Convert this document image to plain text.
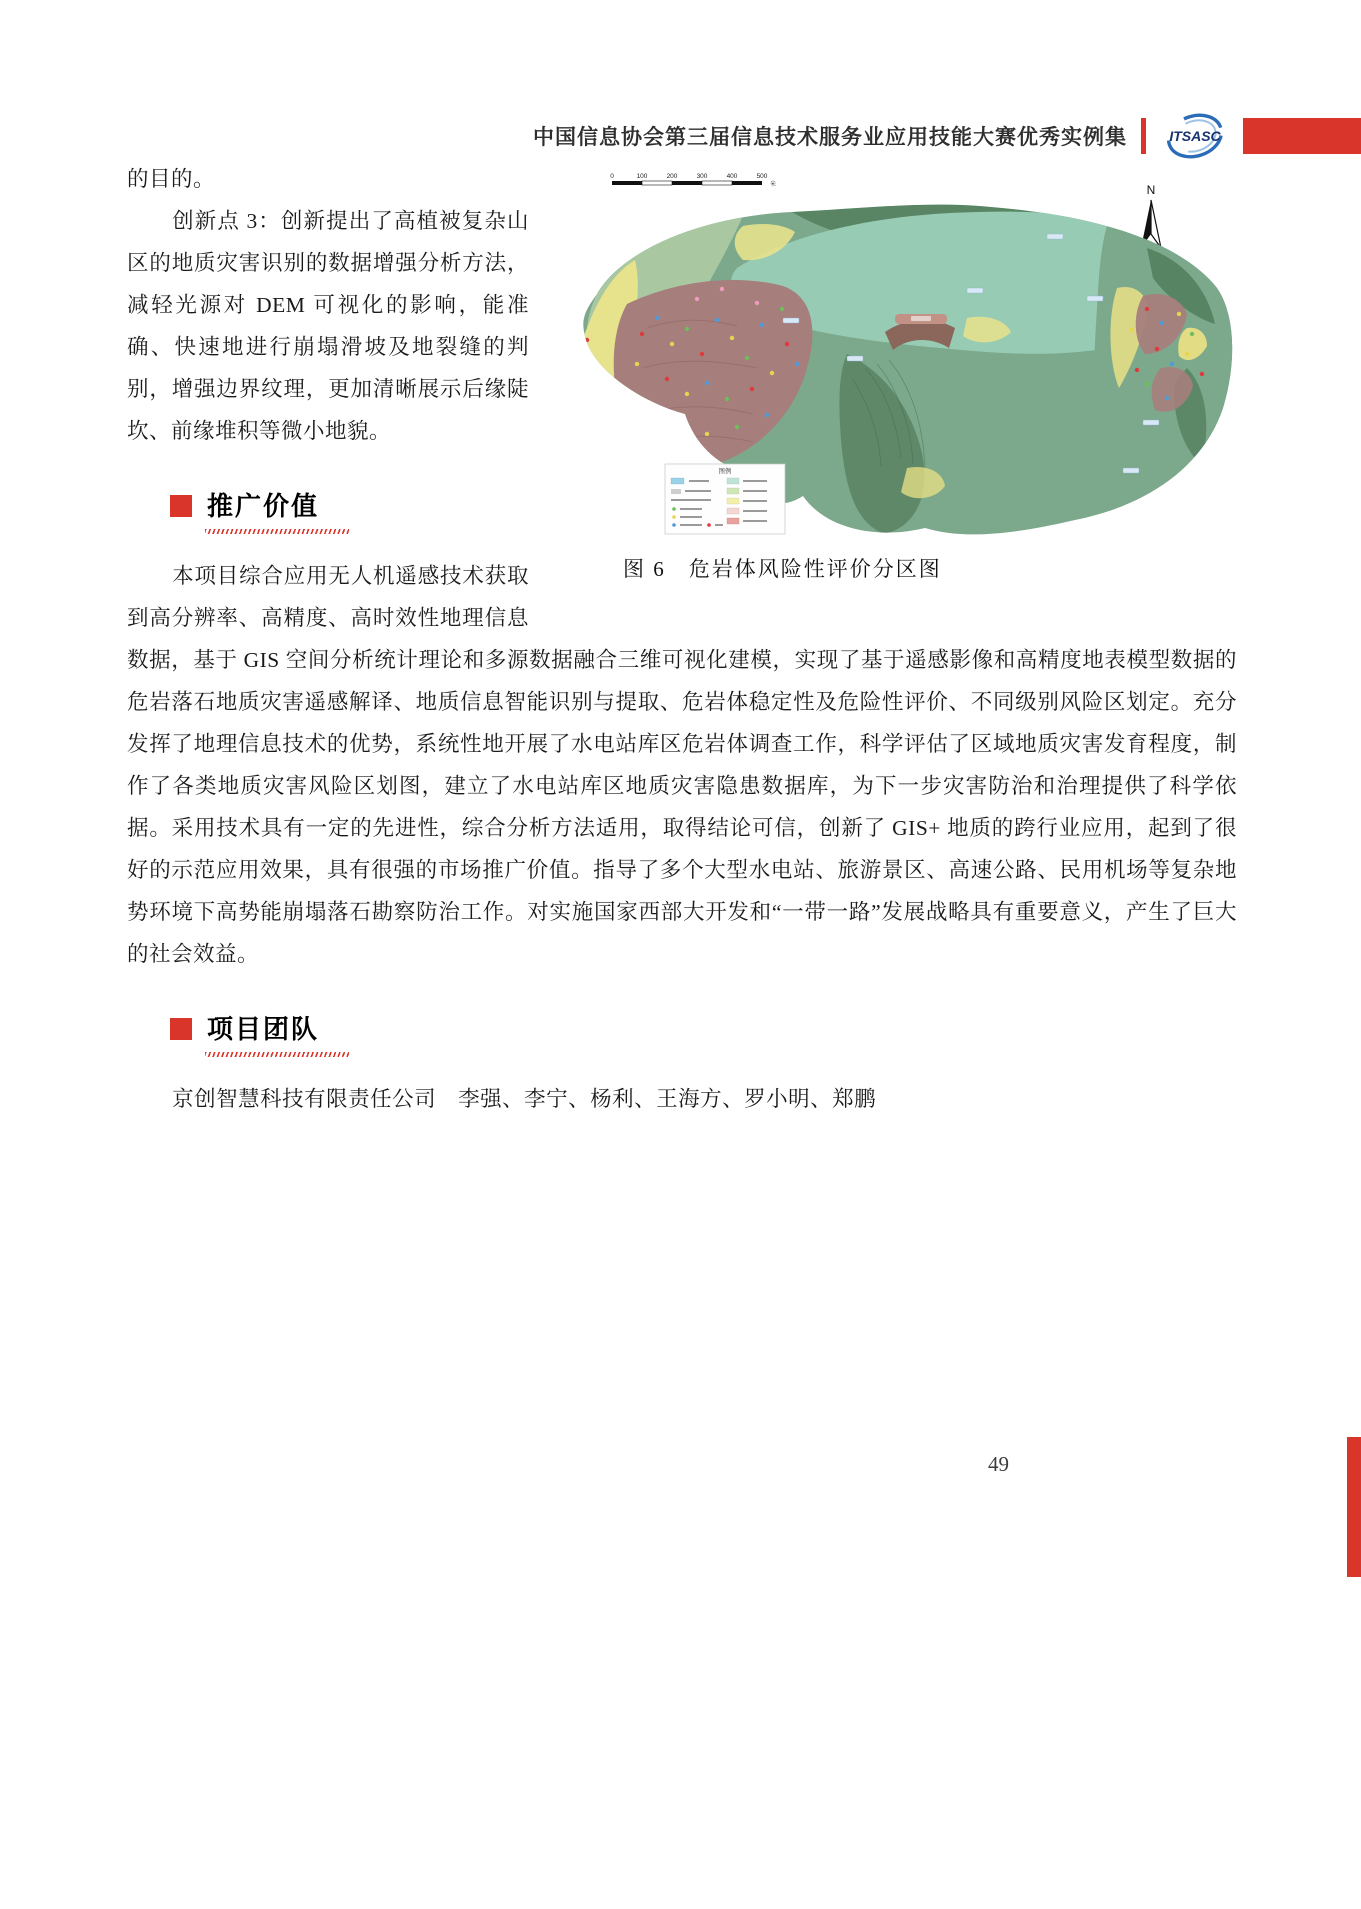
中国信息协会第三届信息技术服务业应用技能大赛优秀实例集	ITSASC
0	100	200	300	400	500
米	N
图例
图 6　危岩体风险性评价分区图

的目的。

创新点 3：创新提出了高植被复杂山区的地质灾害识别的数据增强分析方法，减轻光源对 DEM 可视化的影响，能准确、快速地进行崩塌滑坡及地裂缝的判别，增强边界纹理，更加清晰展示后缘陡坎、前缘堆积等微小地貌。

推广价值

本项目综合应用无人机遥感技术获取到高分辨率、高精度、高时效性地理信息数据，基于 GIS 空间分析统计理论和多源数据融合三维可视化建模，实现了基于遥感影像和高精度地表模型数据的危岩落石地质灾害遥感解译、地质信息智能识别与提取、危岩体稳定性及危险性评价、不同级别风险区划定。充分发挥了地理信息技术的优势，系统性地开展了水电站库区危岩体调查工作，科学评估了区域地质灾害发育程度，制作了各类地质灾害风险区划图，建立了水电站库区地质灾害隐患数据库，为下一步灾害防治和治理提供了科学依据。采用技术具有一定的先进性，综合分析方法适用，取得结论可信，创新了 GIS+ 地质的跨行业应用，起到了很好的示范应用效果，具有很强的市场推广价值。指导了多个大型水电站、旅游景区、高速公路、民用机场等复杂地势环境下高势能崩塌落石勘察防治工作。对实施国家西部大开发和“一带一路”发展战略具有重要意义，产生了巨大的社会效益。

项目团队

京创智慧科技有限责任公司　李强、李宁、杨利、王海方、罗小明、郑鹏

49
